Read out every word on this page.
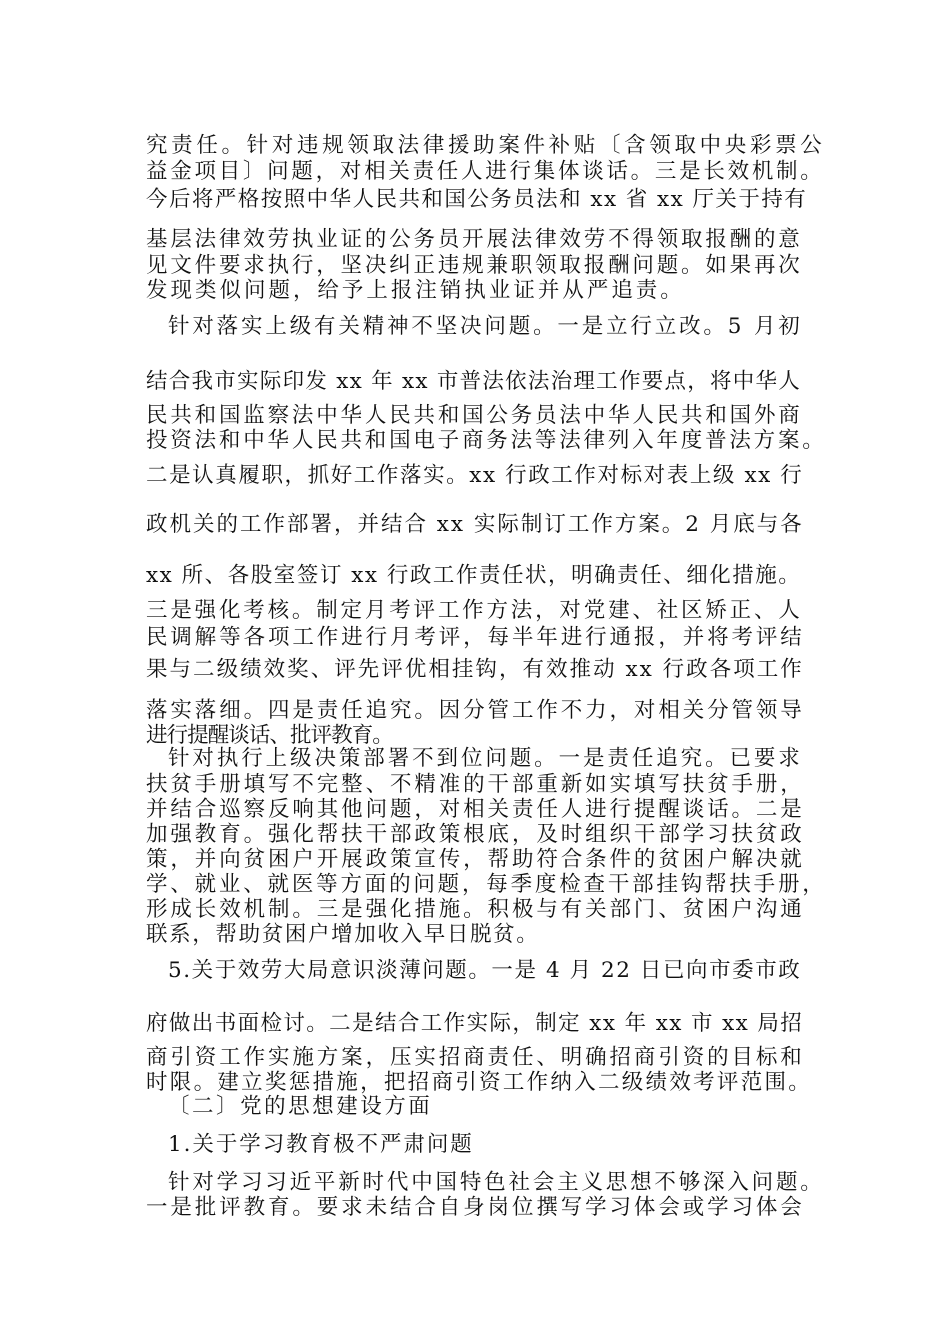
究责任。针对违规领取法律援助案件补贴〔含领取中央彩票公
益金项目〕问题，对相关责任人进行集体谈话。三是长效机制。
今后将严格按照中华人民共和国公务员法和 xx 省 xx 厅关于持有
基层法律效劳执业证的公务员开展法律效劳不得领取报酬的意
见文件要求执行，坚决纠正违规兼职领取报酬问题。如果再次
发现类似问题，给予上报注销执业证并从严追责。
针对落实上级有关精神不坚决问题。一是立行立改。5 月初
结合我市实际印发 xx 年 xx 市普法依法治理工作要点，将中华人
民共和国监察法中华人民共和国公务员法中华人民共和国外商
投资法和中华人民共和国电子商务法等法律列入年度普法方案。
二是认真履职，抓好工作落实。xx 行政工作对标对表上级 xx 行
政机关的工作部署，并结合 xx 实际制订工作方案。2 月底与各
xx 所、各股室签订 xx 行政工作责任状，明确责任、细化措施。
三是强化考核。制定月考评工作方法，对党建、社区矫正、人
民调解等各项工作进行月考评，每半年进行通报，并将考评结
果与二级绩效奖、评先评优相挂钩，有效推动 xx 行政各项工作
落实落细。四是责任追究。因分管工作不力，对相关分管领导
进行提醒谈话、批评教育。
针对执行上级决策部署不到位问题。一是责任追究。已要求
扶贫手册填写不完整、不精准的干部重新如实填写扶贫手册，
并结合巡察反响其他问题，对相关责任人进行提醒谈话。二是
加强教育。强化帮扶干部政策根底，及时组织干部学习扶贫政
策，并向贫困户开展政策宣传，帮助符合条件的贫困户解决就
学、就业、就医等方面的问题，每季度检查干部挂钩帮扶手册，
形成长效机制。三是强化措施。积极与有关部门、贫困户沟通
联系，帮助贫困户增加收入早日脱贫。
5.关于效劳大局意识淡薄问题。一是 4 月 22 日已向市委市政
府做出书面检讨。二是结合工作实际，制定 xx 年 xx 市 xx 局招
商引资工作实施方案，压实招商责任、明确招商引资的目标和
时限。建立奖惩措施，把招商引资工作纳入二级绩效考评范围。
〔二〕党的思想建设方面
1.关于学习教育极不严肃问题
针对学习习近平新时代中国特色社会主义思想不够深入问题。
一是批评教育。要求未结合自身岗位撰写学习体会或学习体会
